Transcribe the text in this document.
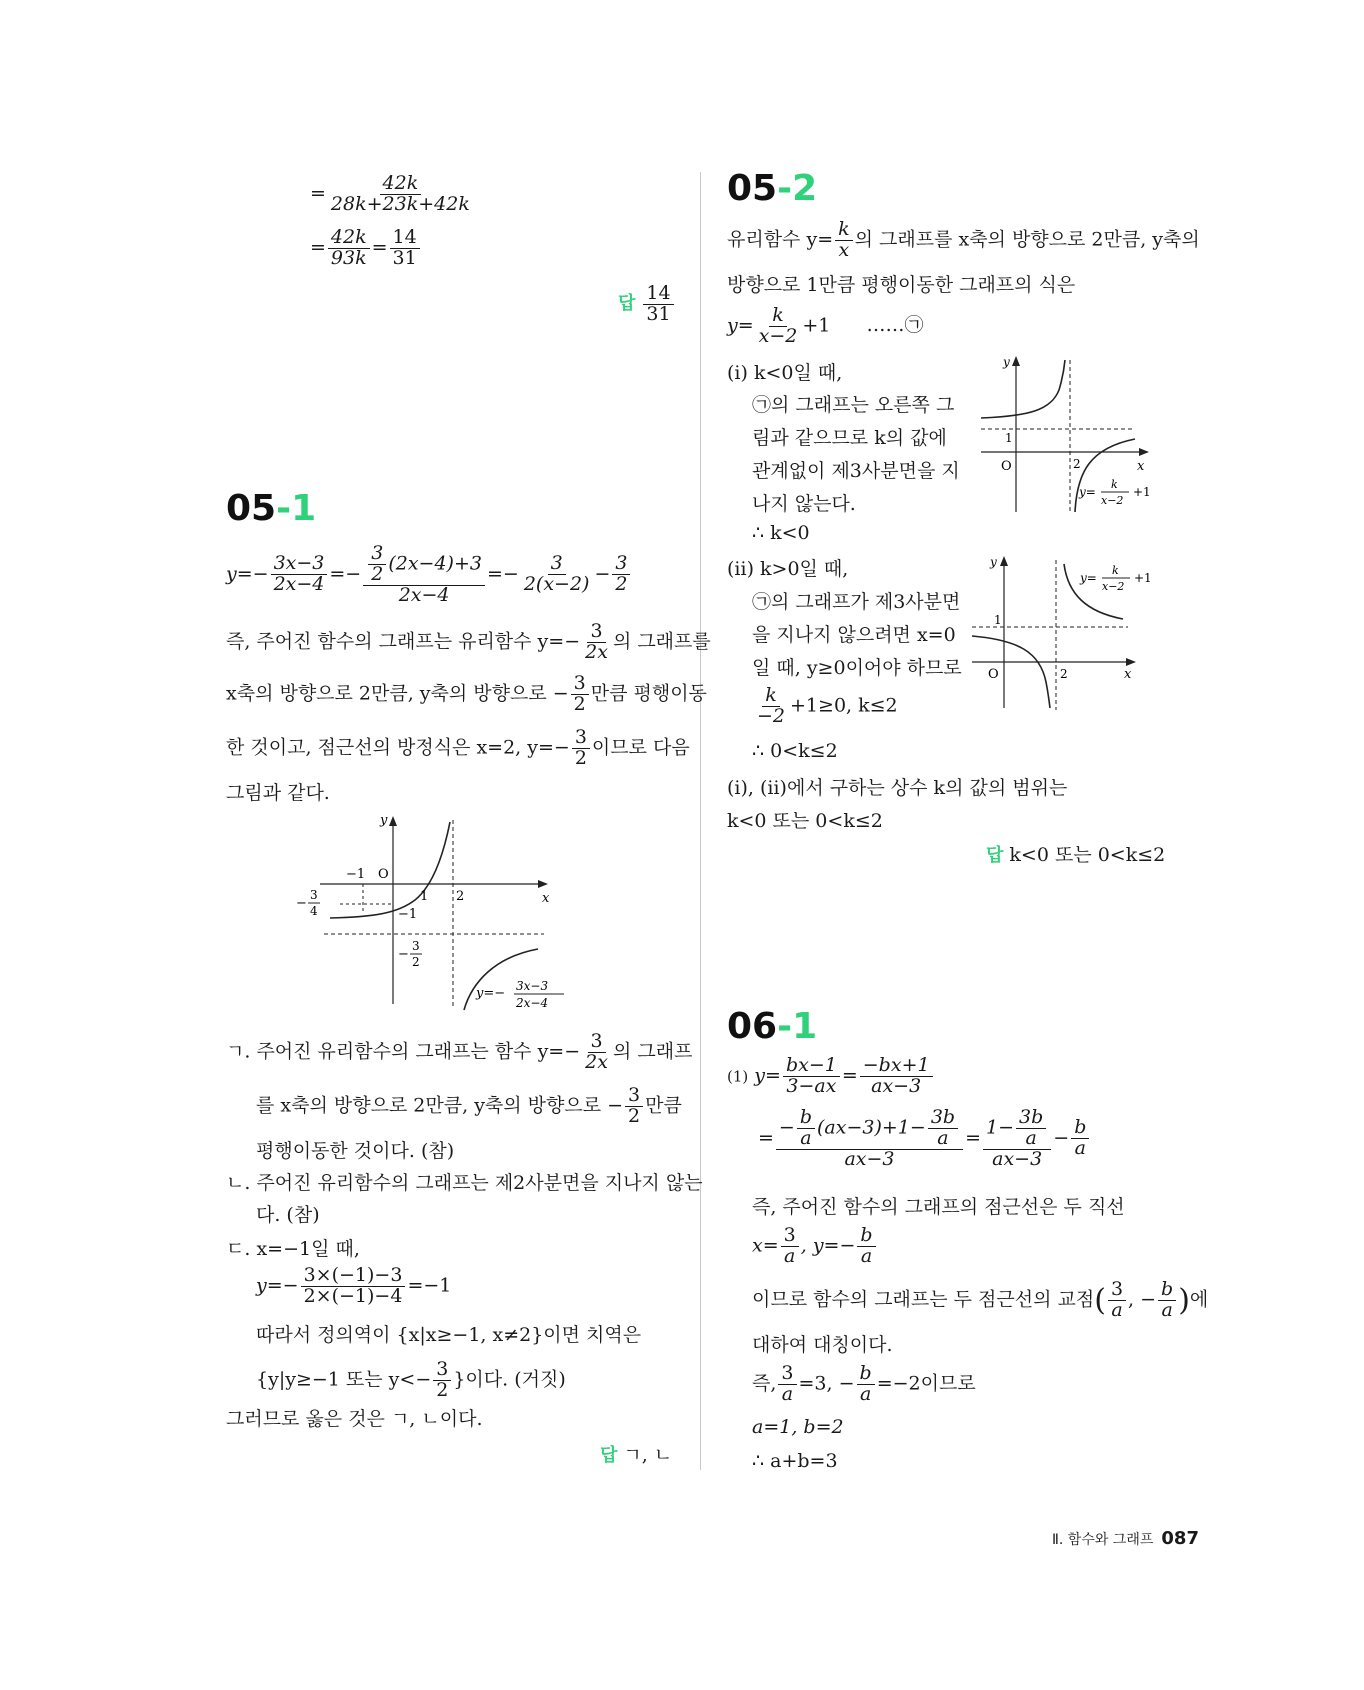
= $\frac{42k}{28k+23k+42k}$
= $\frac{42k}{93k} = \frac{14}{31}$
답 $\frac{14}{31}$
05-1
$y=- \frac{3x-3}{2x-4} =- \frac{\frac{3}{2} (2x-4)+3}{2x-4} =- \frac{3}{2(x-2)} - \frac{3}{2}$
즉, 주어진 함수의 그래프는 유리함수 $y=- \frac{3}{2x}$ 의 그래프를
x축의 방향으로 2만큼, y축의 방향으로 − $\frac{3}{2}$ 만큼 평행이동
한 것이고, 점근선의 방정식은 x=2, $y=- \frac{3}{2}$ 이므로 다음
그림과 같다.
y
x
O
−1
1 2
−1
−
3
4
−
3
2
y=− 3x−3
2x−4
ㄱ. 주어진 유리함수의 그래프는 함수 $y=- \frac{3}{2x}$ 의 그래프
를 x축의 방향으로 2만큼, y축의 방향으로 − $\frac{3}{2}$ 만큼
평행이동한 것이다. (참)
ㄴ. 주어진 유리함수의 그래프는 제2사분면을 지나지 않는
다. (참)
ㄷ. x=−1일 때,
$y=- \frac{3\times(-1)-3}{2\times(-1)-4} =-1$
따라서 정의역이 {x|x≥−1, x≠2}이면 치역은
{y|y≥−1 또는 $y<- \frac{3}{2}$ }이다. (거짓)
그러므로 옳은 것은 ㄱ, ㄴ이다.
답 ㄱ, ㄴ
05-2
유리함수 $y= \frac{k}{x}$ 의 그래프를 x축의 방향으로 2만큼, y축의
방향으로 1만큼 평행이동한 그래프의 식은
$y= \frac{k}{x-2} +1$ ……㉠
(ⅰ) k<0일 때,
㉠의 그래프는 오른쪽 그
림과 같으므로 k의 값에
관계없이 제3사분면을 지
나지 않는다.
∴ k<0
y
x
O
1
2
y=
k
x−2
+1
(ⅱ) k>0일 때,
㉠의 그래프가 제3사분면
을 지나지 않으려면 x=0
일 때, y≥0이어야 하므로
$\frac{k}{-2} +1\ge 0$, k≤2
∴ 0<k≤2
y
x
O
1
2
y=
k
x−2
+1
(ⅰ), (ⅱ)에서 구하는 상수 k의 값의 범위는
k<0 또는 0<k≤2
답 k<0 또는 0<k≤2
06-1
(1) $y= \frac{bx-1}{3-ax} = \frac{-bx+1}{ax-3}$
= $\frac{- \frac{b}{a} (ax-3)+1- \frac{3b}{a}}{ax-3} = \frac{1- \frac{3b}{a}}{ax-3} - \frac{b}{a}$
즉, 주어진 함수의 그래프의 점근선은 두 직선
$x= \frac{3}{a}$ , $y=- \frac{b}{a}$
이므로 함수의 그래프는 두 점근선의 교점( $\frac{3}{a}$ , − $\frac{b}{a}$ )에
대하여 대칭이다.
즉, $\frac{3}{a} =3$, − $\frac{b}{a} =-2$이므로
a=1, b=2
∴ a+b=3
Ⅱ. 함수와 그래프 087
